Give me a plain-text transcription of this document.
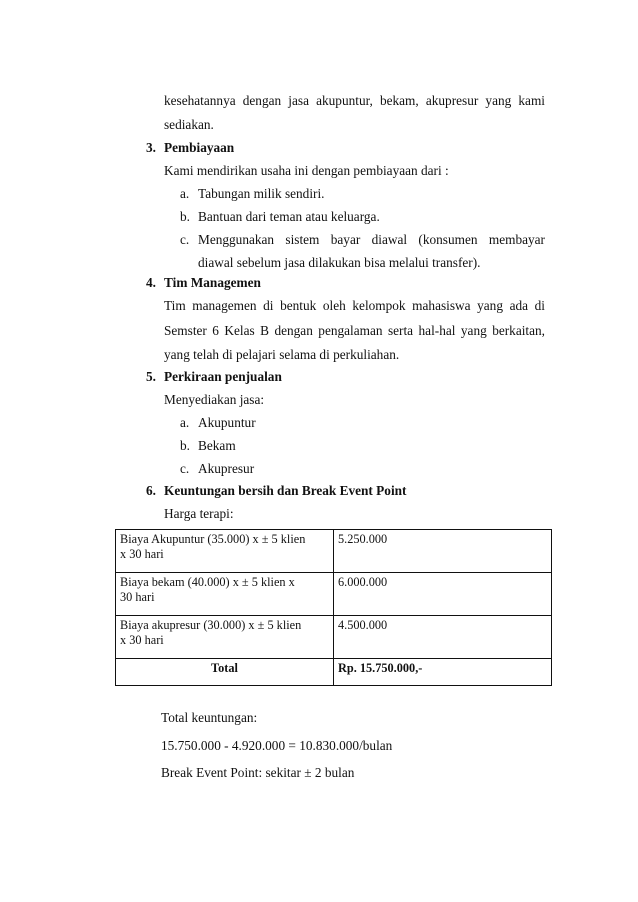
kesehatannya dengan jasa akupuntur, bekam, akupresur yang kami
sediakan.
3. Pembiayaan
Kami mendirikan usaha ini dengan pembiayaan dari :
a. Tabungan milik sendiri.
b. Bantuan dari teman atau keluarga.
c. Menggunakan sistem bayar diawal (konsumen membayar
diawal sebelum jasa dilakukan bisa melalui transfer).
4. Tim Managemen
Tim managemen di bentuk oleh kelompok mahasiswa yang ada di
Semster 6 Kelas B dengan pengalaman serta hal-hal yang berkaitan,
yang telah di pelajari selama di perkuliahan.
5. Perkiraan penjualan
Menyediakan jasa:
a. Akupuntur
b. Bekam
c. Akupresur
6. Keuntungan bersih dan Break Event Point
Harga terapi:
Biaya Akupuntur (35.000) x ± 5 klien
x 30 hari	5.250.000
Biaya bekam (40.000) x ± 5 klien x
30 hari	6.000.000
Biaya akupresur (30.000) x ± 5 klien
x 30 hari	4.500.000
Total	Rp. 15.750.000,-
Total keuntungan:
15.750.000 - 4.920.000 = 10.830.000/bulan
Break Event Point: sekitar ± 2 bulan
